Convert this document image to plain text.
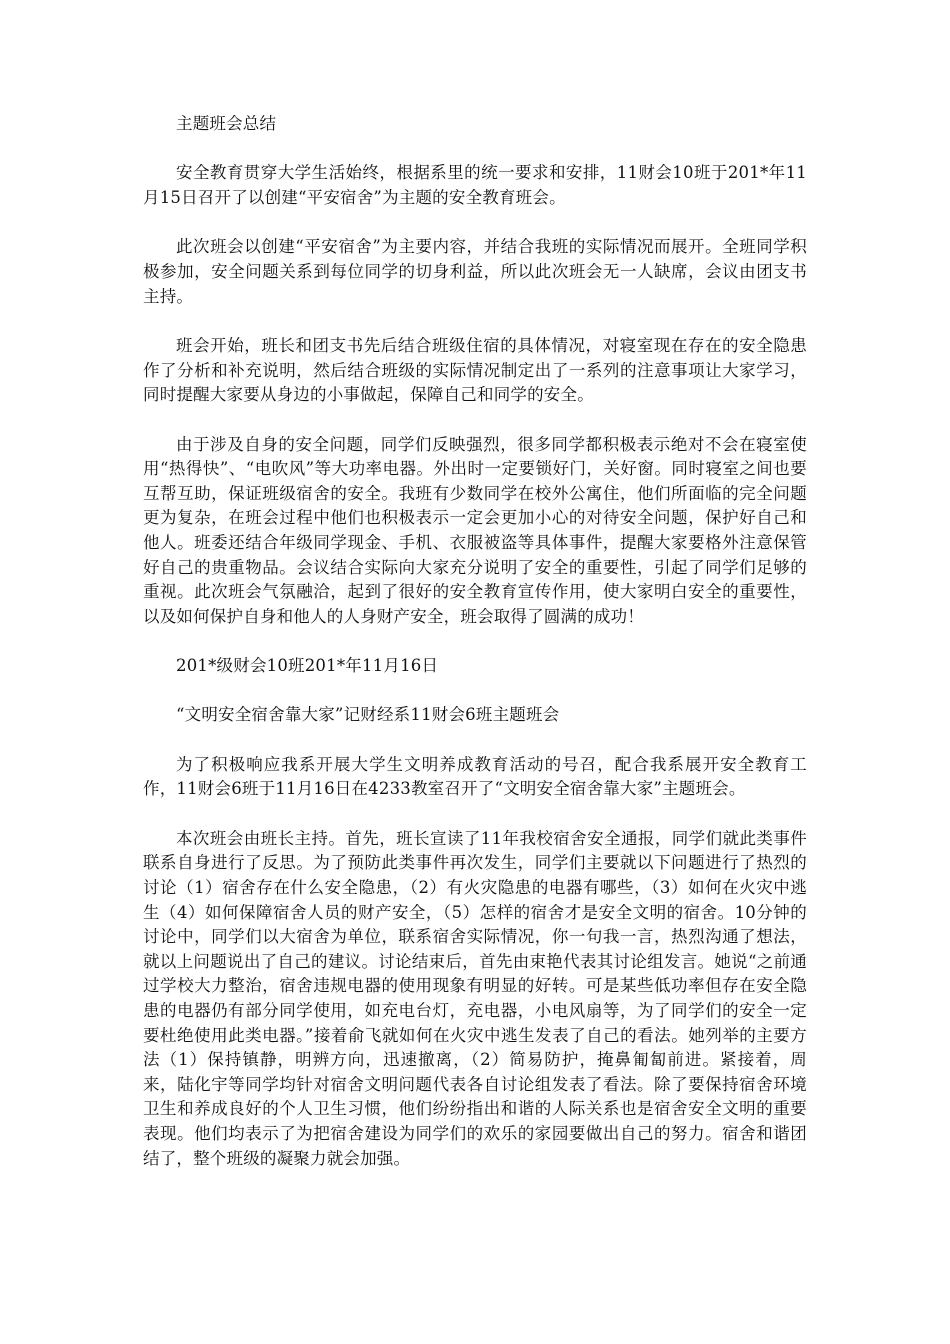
主题班会总结

安全教育贯穿大学生活始终，根据系里的统一要求和安排，11财会10班于201*年11月15日召开了以创建“平安宿舍”为主题的安全教育班会。

此次班会以创建“平安宿舍”为主要内容，并结合我班的实际情况而展开。全班同学积极参加，安全问题关系到每位同学的切身利益，所以此次班会无一人缺席，会议由团支书主持。

班会开始，班长和团支书先后结合班级住宿的具体情况，对寝室现在存在的安全隐患作了分析和补充说明，然后结合班级的实际情况制定出了一系列的注意事项让大家学习，同时提醒大家要从身边的小事做起，保障自己和同学的安全。

由于涉及自身的安全问题，同学们反映强烈，很多同学都积极表示绝对不会在寝室使用“热得快”、“电吹风”等大功率电器。外出时一定要锁好门，关好窗。同时寝室之间也要互帮互助，保证班级宿舍的安全。我班有少数同学在校外公寓住，他们所面临的完全问题更为复杂，在班会过程中他们也积极表示一定会更加小心的对待安全问题，保护好自己和他人。班委还结合年级同学现金、手机、衣服被盗等具体事件，提醒大家要格外注意保管好自己的贵重物品。会议结合实际向大家充分说明了安全的重要性，引起了同学们足够的重视。此次班会气氛融洽，起到了很好的安全教育宣传作用，使大家明白安全的重要性，以及如何保护自身和他人的人身财产安全，班会取得了圆满的成功！

201*级财会10班201*年11月16日

“文明安全宿舍靠大家”记财经系11财会6班主题班会

为了积极响应我系开展大学生文明养成教育活动的号召，配合我系展开安全教育工作，11财会6班于11月16日在4233教室召开了“文明安全宿舍靠大家”主题班会。

本次班会由班长主持。首先，班长宣读了11年我校宿舍安全通报，同学们就此类事件联系自身进行了反思。为了预防此类事件再次发生，同学们主要就以下问题进行了热烈的讨论（1）宿舍存在什么安全隐患，（2）有火灾隐患的电器有哪些，（3）如何在火灾中逃生（4）如何保障宿舍人员的财产安全，（5）怎样的宿舍才是安全文明的宿舍。10分钟的讨论中，同学们以大宿舍为单位，联系宿舍实际情况，你一句我一言，热烈沟通了想法，就以上问题说出了自己的建议。讨论结束后，首先由束艳代表其讨论组发言。她说“之前通过学校大力整治，宿舍违规电器的使用现象有明显的好转。可是某些低功率但存在安全隐患的电器仍有部分同学使用，如充电台灯，充电器，小电风扇等，为了同学们的安全一定要杜绝使用此类电器。”接着俞飞就如何在火灾中逃生发表了自己的看法。她列举的主要方法（1）保持镇静，明辨方向，迅速撤离，（2）简易防护，掩鼻匍匐前进。紧接着，周来，陆化宇等同学均针对宿舍文明问题代表各自讨论组发表了看法。除了要保持宿舍环境卫生和养成良好的个人卫生习惯，他们纷纷指出和谐的人际关系也是宿舍安全文明的重要表现。他们均表示了为把宿舍建设为同学们的欢乐的家园要做出自己的努力。宿舍和谐团结了，整个班级的凝聚力就会加强。
